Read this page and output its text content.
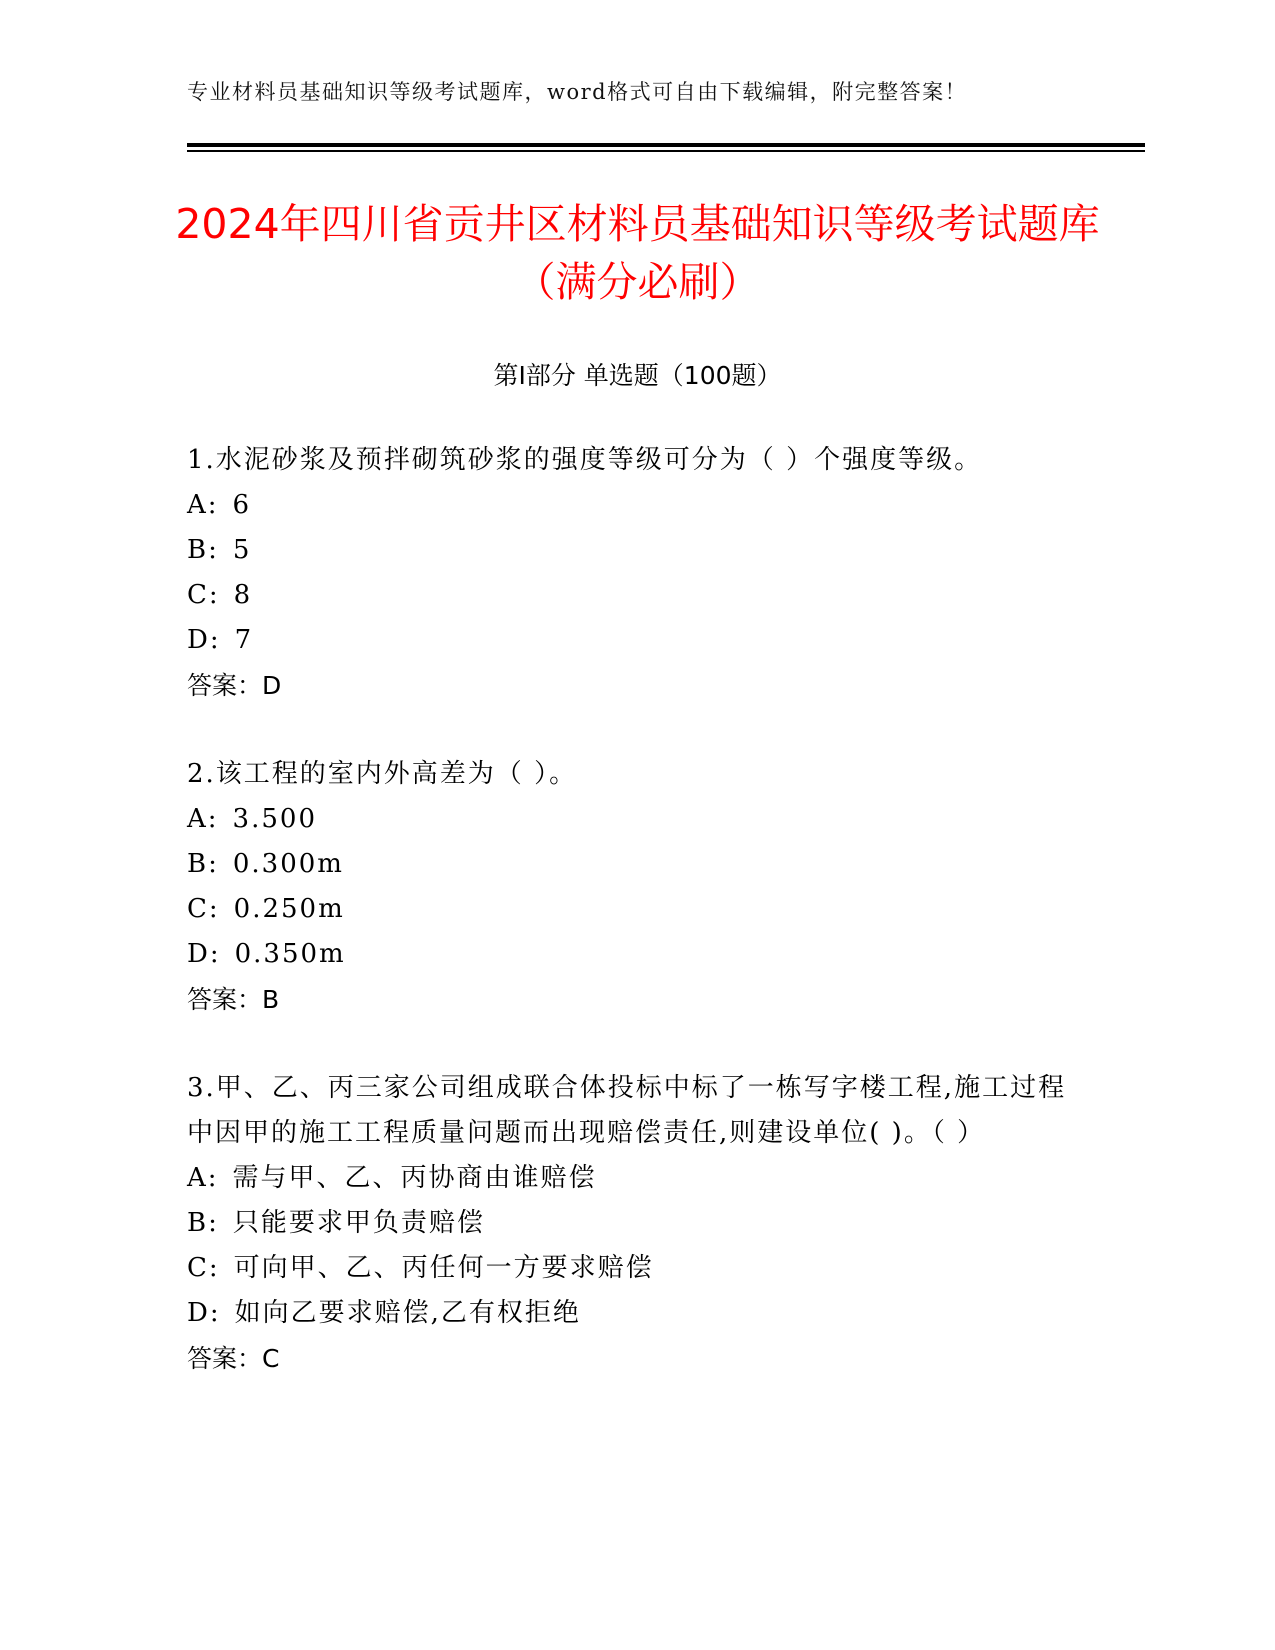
专业材料员基础知识等级考试题库，word格式可自由下载编辑，附完整答案！
2024年四川省贡井区材料员基础知识等级考试题库（满分必刷）
第Ⅰ部分 单选题（100题）
1.水泥砂浆及预拌砌筑砂浆的强度等级可分为（ ）个强度等级。
A: 6
B: 5
C: 8
D: 7
答案：D
2.该工程的室内外高差为（ ）。
A: 3.500
B: 0.300m
C: 0.250m
D: 0.350m
答案：B
3.甲、乙、丙三家公司组成联合体投标中标了一栋写字楼工程,施工过程中因甲的施工工程质量问题而出现赔偿责任,则建设单位( )。（ ）
A: 需与甲、乙、丙协商由谁赔偿
B: 只能要求甲负责赔偿
C: 可向甲、乙、丙任何一方要求赔偿
D: 如向乙要求赔偿,乙有权拒绝
答案：C
